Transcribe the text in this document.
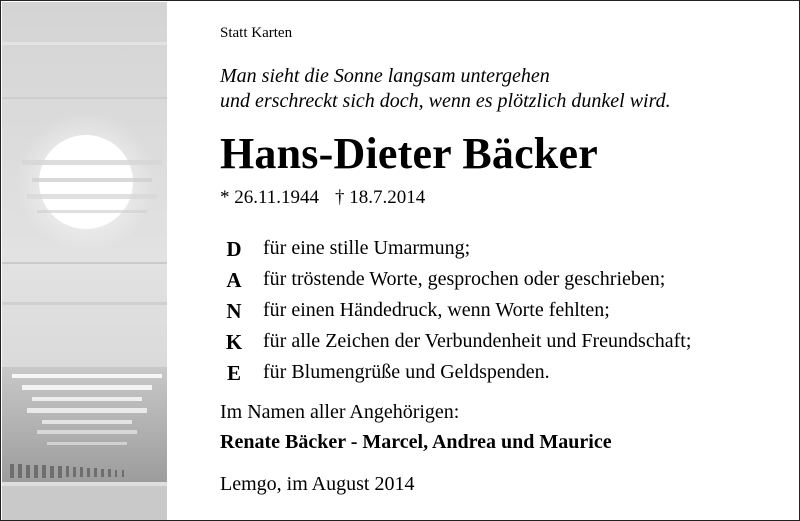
Statt Karten
Man sieht die Sonne langsam untergehen
und erschreckt sich doch, wenn es plötzlich dunkel wird.
Hans-Dieter Bäcker
* 26.11.1944 † 18.7.2014
D für eine stille Umarmung;
A für tröstende Worte, gesprochen oder geschrieben;
N für einen Händedruck, wenn Worte fehlten;
K für alle Zeichen der Verbundenheit und Freundschaft;
E für Blumengrüße und Geldspenden.
Im Namen aller Angehörigen:
Renate Bäcker - Marcel, Andrea und Maurice
Lemgo, im August 2014
